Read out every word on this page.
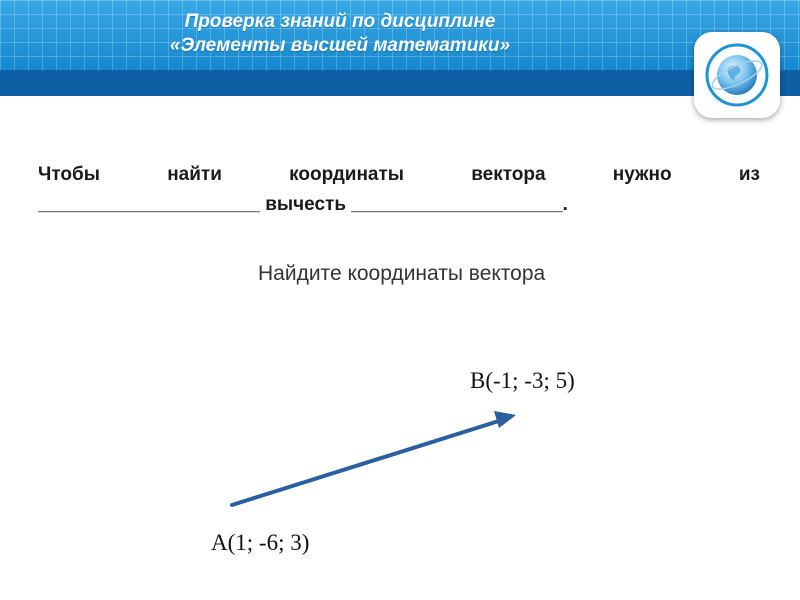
Проверка знаний по дисциплине
«Элементы высшей математики»
Чтобы	найти	координаты	вектора	нужно	из
_____________________ вычесть ____________________.
Найдите координаты вектора
B(-1; -3; 5)
A(1; -6; 3)
